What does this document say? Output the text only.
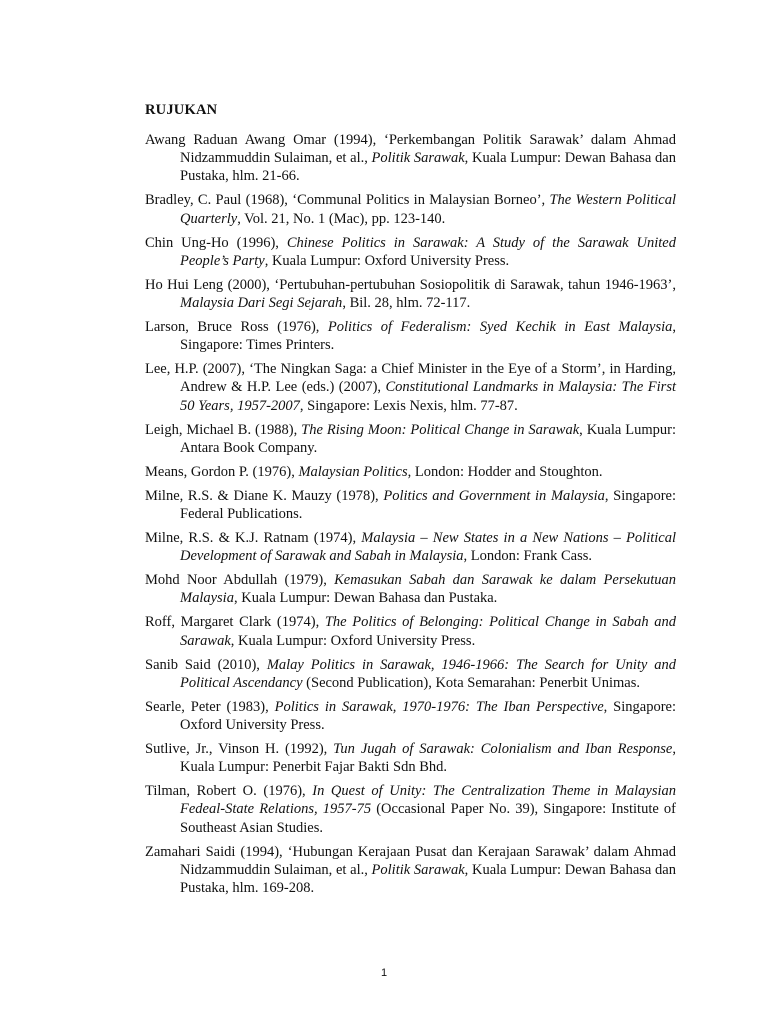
RUJUKAN
Awang Raduan Awang Omar (1994), ‘Perkembangan Politik Sarawak’ dalam Ahmad Nidzammuddin Sulaiman, et al., Politik Sarawak, Kuala Lumpur: Dewan Bahasa dan Pustaka, hlm. 21-66.
Bradley, C. Paul (1968), ‘Communal Politics in Malaysian Borneo’, The Western Political Quarterly, Vol. 21, No. 1 (Mac), pp. 123-140.
Chin Ung-Ho (1996), Chinese Politics in Sarawak: A Study of the Sarawak United People’s Party, Kuala Lumpur: Oxford University Press.
Ho Hui Leng (2000), ‘Pertubuhan-pertubuhan Sosiopolitik di Sarawak, tahun 1946-1963’, Malaysia Dari Segi Sejarah, Bil. 28, hlm. 72-117.
Larson, Bruce Ross (1976), Politics of Federalism: Syed Kechik in East Malaysia, Singapore: Times Printers.
Lee, H.P. (2007), ‘The Ningkan Saga: a Chief Minister in the Eye of a Storm’, in Harding, Andrew & H.P. Lee (eds.) (2007), Constitutional Landmarks in Malaysia: The First 50 Years, 1957-2007, Singapore: Lexis Nexis, hlm. 77-87.
Leigh, Michael B. (1988), The Rising Moon: Political Change in Sarawak, Kuala Lumpur: Antara Book Company.
Means, Gordon P. (1976), Malaysian Politics, London: Hodder and Stoughton.
Milne, R.S. & Diane K. Mauzy (1978), Politics and Government in Malaysia, Singapore: Federal Publications.
Milne, R.S. & K.J. Ratnam (1974), Malaysia – New States in a New Nations – Political Development of Sarawak and Sabah in Malaysia, London: Frank Cass.
Mohd Noor Abdullah (1979), Kemasukan Sabah dan Sarawak ke dalam Persekutuan Malaysia, Kuala Lumpur: Dewan Bahasa dan Pustaka.
Roff, Margaret Clark (1974), The Politics of Belonging: Political Change in Sabah and Sarawak, Kuala Lumpur: Oxford University Press.
Sanib Said (2010), Malay Politics in Sarawak, 1946-1966: The Search for Unity and Political Ascendancy (Second Publication), Kota Semarahan: Penerbit Unimas.
Searle, Peter (1983), Politics in Sarawak, 1970-1976: The Iban Perspective, Singapore: Oxford University Press.
Sutlive, Jr., Vinson H. (1992), Tun Jugah of Sarawak: Colonialism and Iban Response, Kuala Lumpur: Penerbit Fajar Bakti Sdn Bhd.
Tilman, Robert O. (1976), In Quest of Unity: The Centralization Theme in Malaysian Fedeal-State Relations, 1957-75 (Occasional Paper No. 39), Singapore: Institute of Southeast Asian Studies.
Zamahari Saidi (1994), ‘Hubungan Kerajaan Pusat dan Kerajaan Sarawak’ dalam Ahmad Nidzammuddin Sulaiman, et al., Politik Sarawak, Kuala Lumpur: Dewan Bahasa dan Pustaka, hlm. 169-208.
1
